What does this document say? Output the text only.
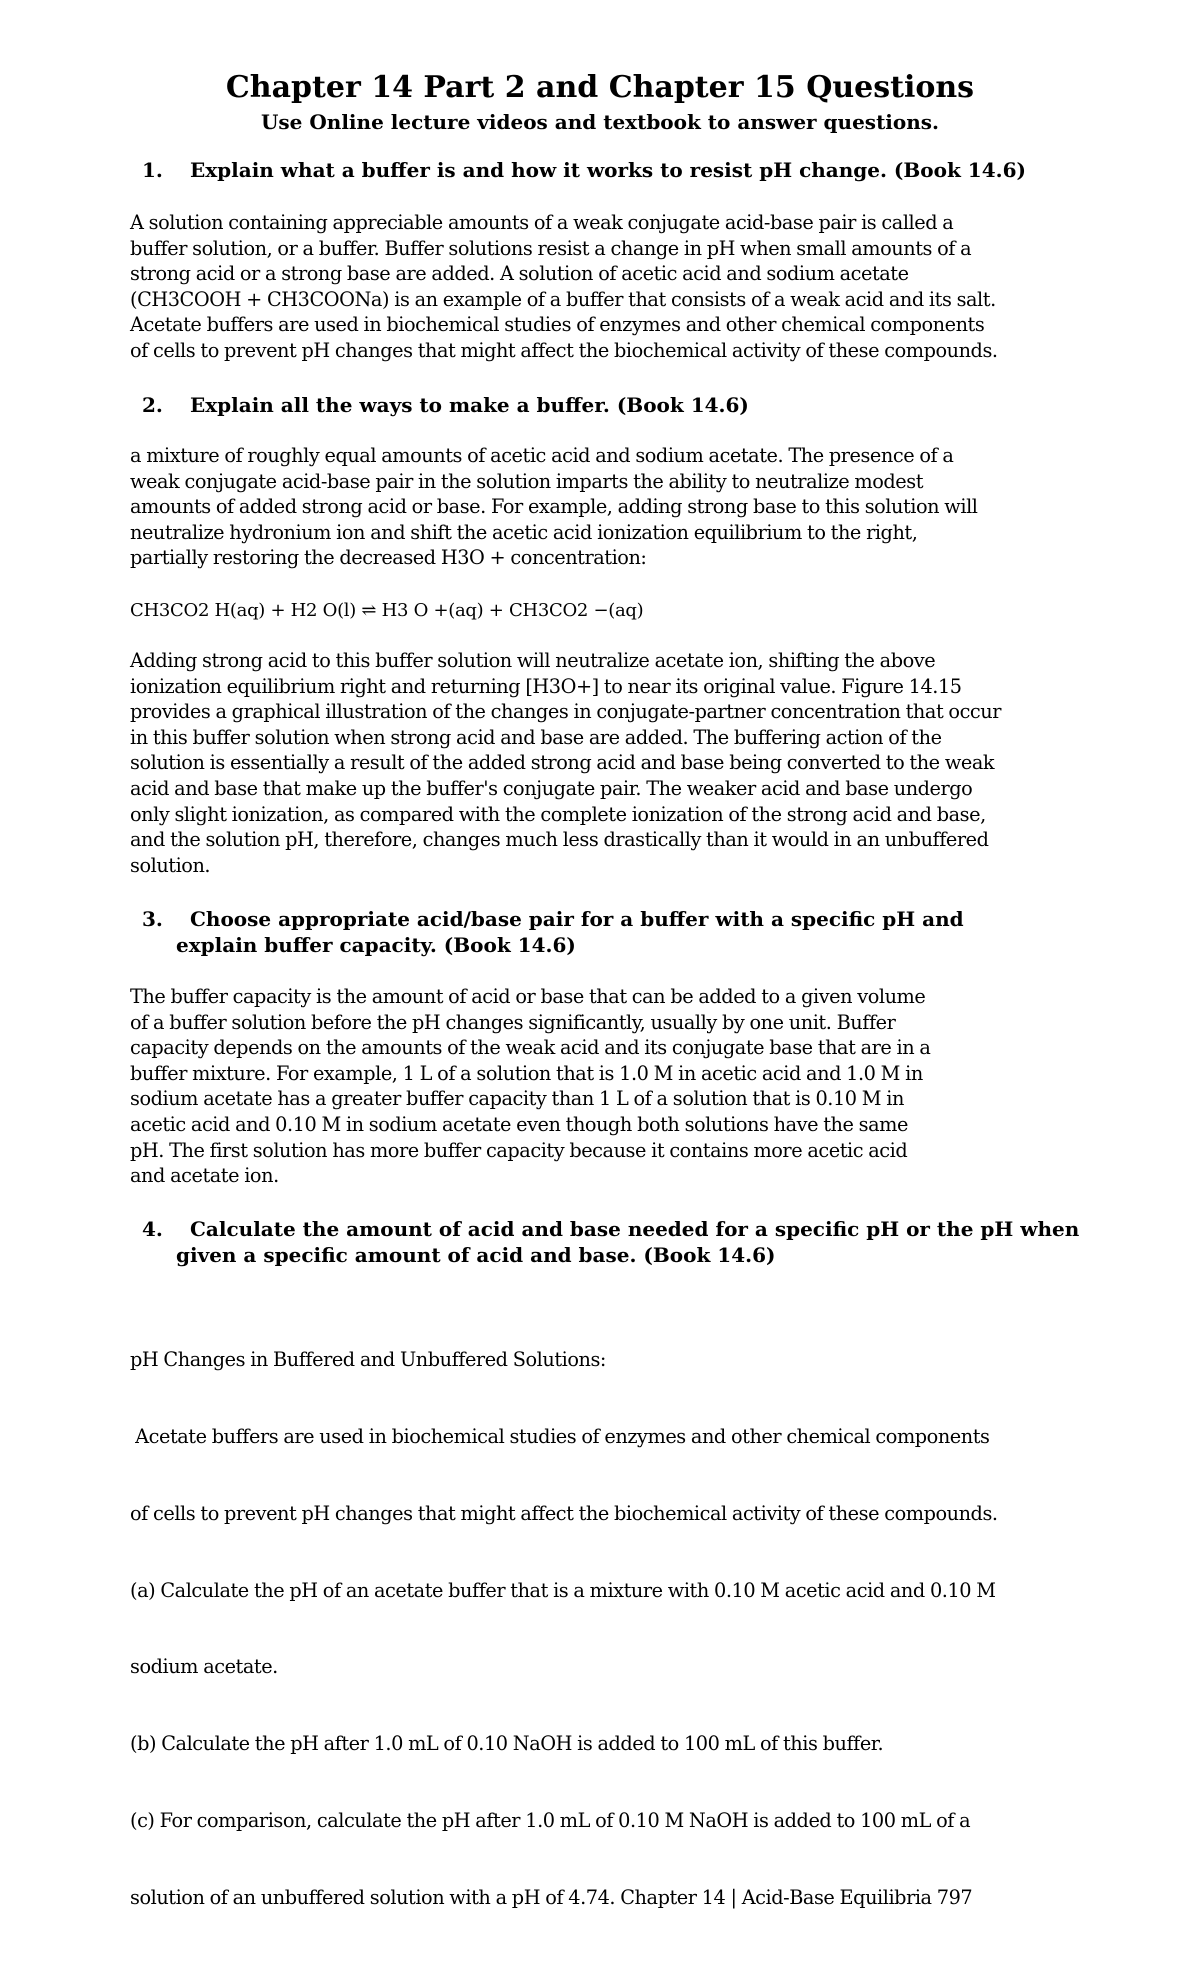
Chapter 14 Part 2 and Chapter 15 Questions
Use Online lecture videos and textbook to answer questions.
1. Explain what a buffer is and how it works to resist pH change. (Book 14.6)

A solution containing appreciable amounts of a weak conjugate acid-base pair is called a

buffer solution, or a buffer. Buffer solutions resist a change in pH when small amounts of a

strong acid or a strong base are added. A solution of acetic acid and sodium acetate

(CH3COOH + CH3COONa) is an example of a buffer that consists of a weak acid and its salt.

Acetate buffers are used in biochemical studies of enzymes and other chemical components

of cells to prevent pH changes that might affect the biochemical activity of these compounds.

2. Explain all the ways to make a buffer. (Book 14.6)

a mixture of roughly equal amounts of acetic acid and sodium acetate. The presence of a

weak conjugate acid-base pair in the solution imparts the ability to neutralize modest

amounts of added strong acid or base. For example, adding strong base to this solution will

neutralize hydronium ion and shift the acetic acid ionization equilibrium to the right,

partially restoring the decreased H3O + concentration:

CH3CO2 H(aq) + H2 O(l) ⇌ H3 O +(aq) + CH3CO2 −(aq)

Adding strong acid to this buffer solution will neutralize acetate ion, shifting the above

ionization equilibrium right and returning [H3O+] to near its original value. Figure 14.15

provides a graphical illustration of the changes in conjugate-partner concentration that occur

in this buffer solution when strong acid and base are added. The buffering action of the

solution is essentially a result of the added strong acid and base being converted to the weak

acid and base that make up the buffer's conjugate pair. The weaker acid and base undergo

only slight ionization, as compared with the complete ionization of the strong acid and base,

and the solution pH, therefore, changes much less drastically than it would in an unbuffered

solution.

3. Choose appropriate acid/base pair for a buffer with a specific pH and
explain buffer capacity. (Book 14.6)

The buffer capacity is the amount of acid or base that can be added to a given volume

of a buffer solution before the pH changes significantly, usually by one unit. Buffer

capacity depends on the amounts of the weak acid and its conjugate base that are in a

buffer mixture. For example, 1 L of a solution that is 1.0 M in acetic acid and 1.0 M in

sodium acetate has a greater buffer capacity than 1 L of a solution that is 0.10 M in

acetic acid and 0.10 M in sodium acetate even though both solutions have the same

pH. The first solution has more buffer capacity because it contains more acetic acid

and acetate ion.

4. Calculate the amount of acid and base needed for a specific pH or the pH when
given a specific amount of acid and base. (Book 14.6)

pH Changes in Buffered and Unbuffered Solutions:

Acetate buffers are used in biochemical studies of enzymes and other chemical components

of cells to prevent pH changes that might affect the biochemical activity of these compounds.

(a) Calculate the pH of an acetate buffer that is a mixture with 0.10 M acetic acid and 0.10 M

sodium acetate.

(b) Calculate the pH after 1.0 mL of 0.10 NaOH is added to 100 mL of this buffer.

(c) For comparison, calculate the pH after 1.0 mL of 0.10 M NaOH is added to 100 mL of a

solution of an unbuffered solution with a pH of 4.74. Chapter 14 | Acid-Base Equilibria 797
